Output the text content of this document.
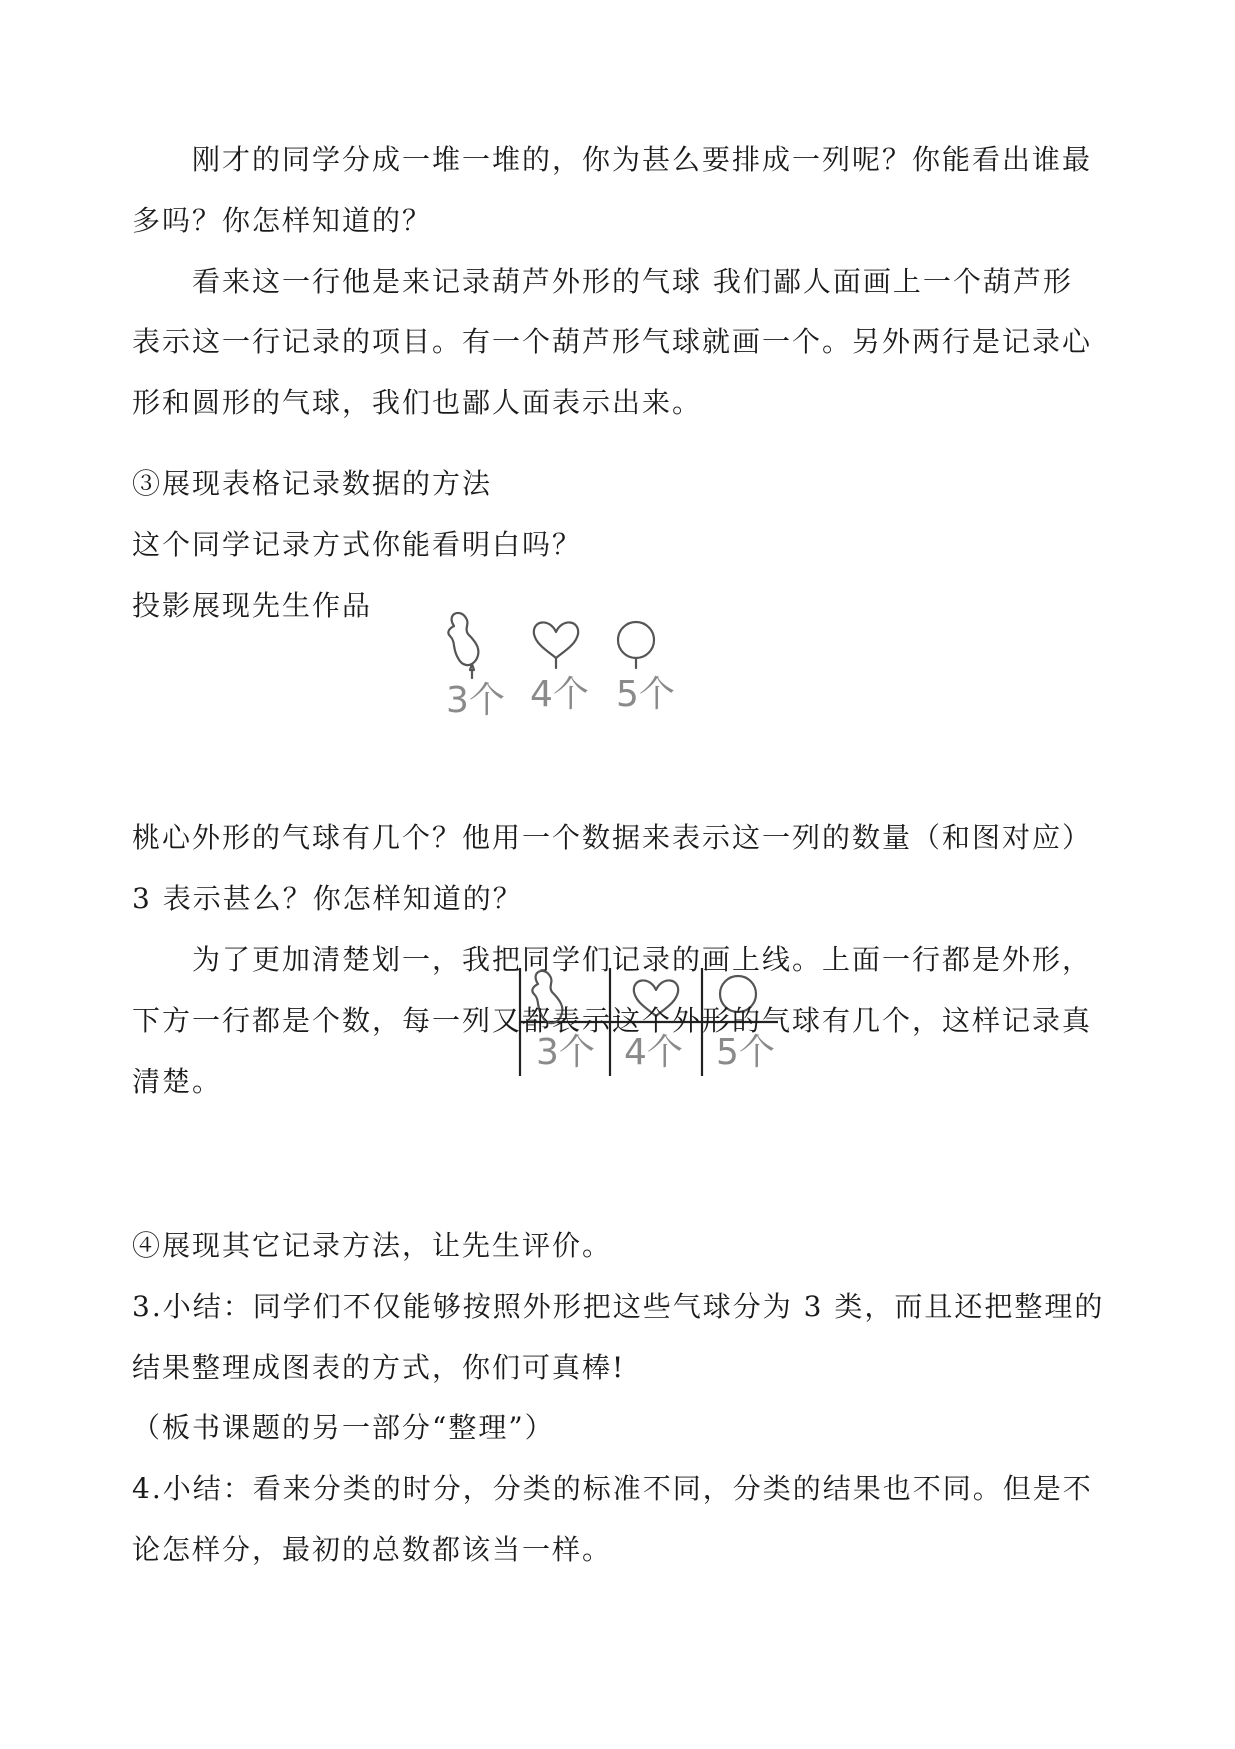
刚才的同学分成一堆一堆的，你为甚么要排成一列呢？你能看出谁最
多吗？你怎样知道的？
看来这一行他是来记录葫芦外形的气球 我们鄙人面画上一个葫芦形
表示这一行记录的项目。有一个葫芦形气球就画一个。另外两行是记录心
形和圆形的气球，我们也鄙人面表示出来。
③展现表格记录数据的方法
这个同学记录方式你能看明白吗？
投影展现先生作品
3个 4个 5个
桃心外形的气球有几个？他用一个数据来表示这一列的数量（和图对应）
3 表示甚么？你怎样知道的？
为了更加清楚划一，我把同学们记录的画上线。上面一行都是外形，
3个 4个 5个
下方一行都是个数，每一列又都表示这个外形的气球有几个，这样记录真
清楚。
④展现其它记录方法，让先生评价。
3.小结：同学们不仅能够按照外形把这些气球分为 3 类，而且还把整理的
结果整理成图表的方式，你们可真棒!
（板书课题的另一部分“整理”）
4.小结：看来分类的时分，分类的标准不同，分类的结果也不同。但是不
论怎样分，最初的总数都该当一样。
